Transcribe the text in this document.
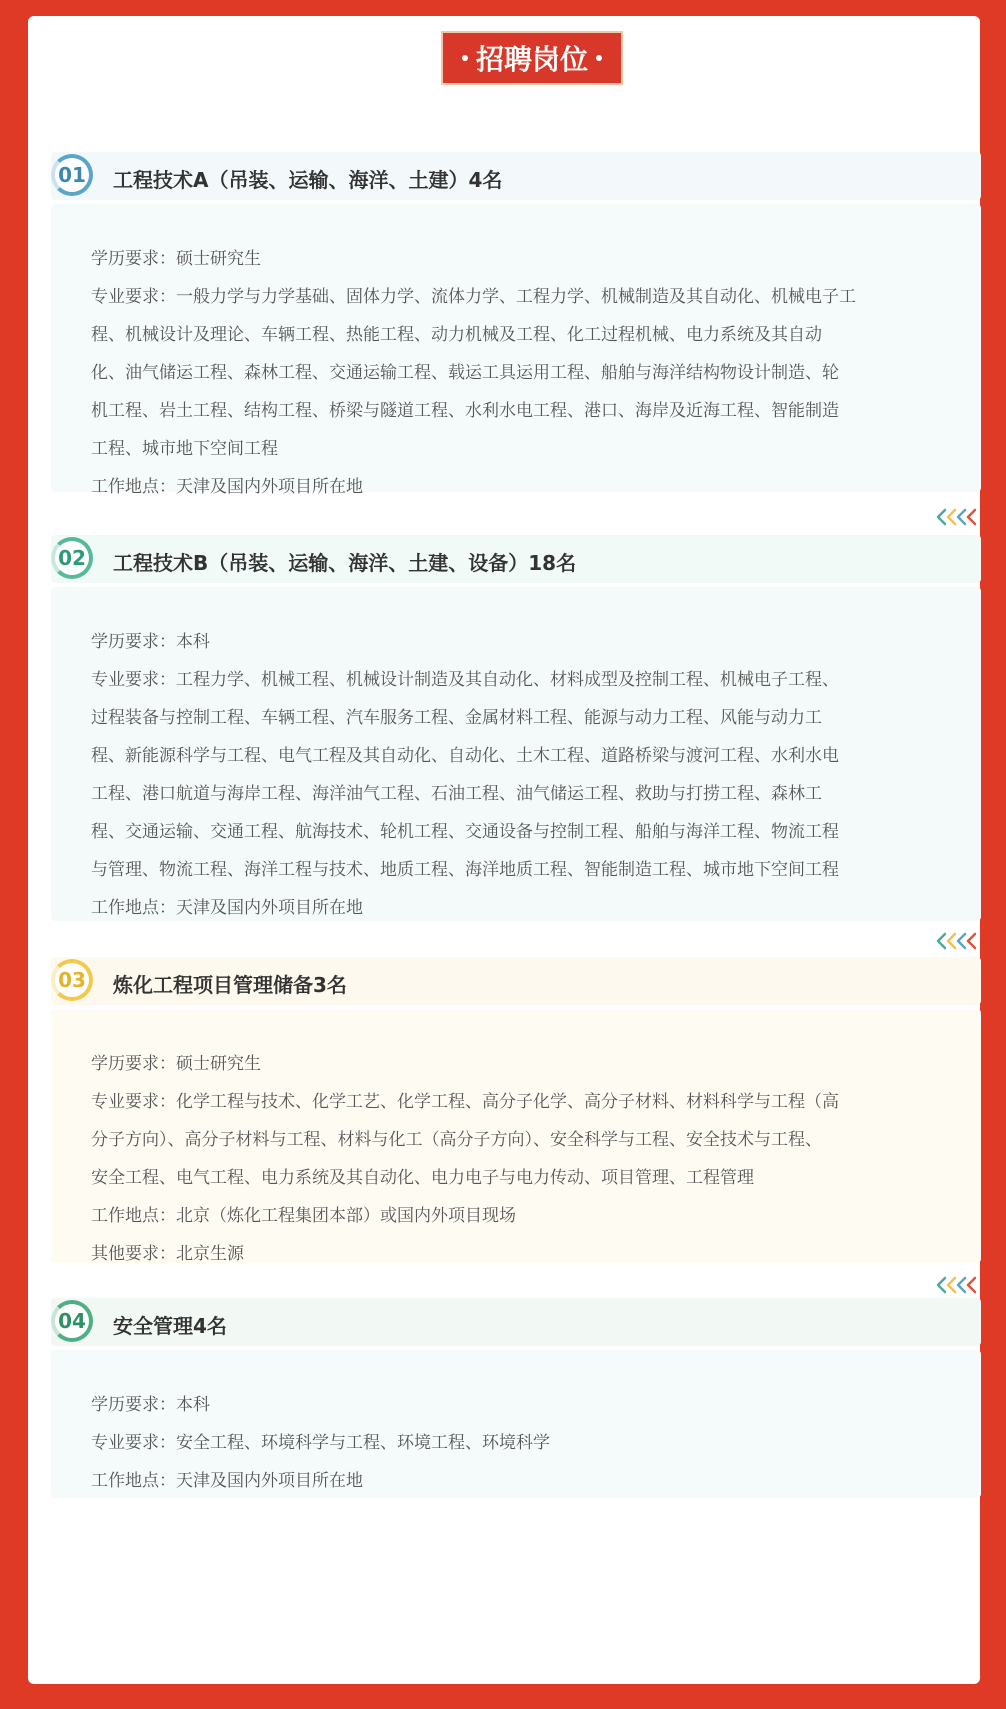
招聘岗位
01	工程技术A（吊装、运输、海洋、土建）4名
学历要求：硕士研究生
专业要求：一般力学与力学基础、固体力学、流体力学、工程力学、机械制造及其自动化、机械电子工
程、机械设计及理论、车辆工程、热能工程、动力机械及工程、化工过程机械、电力系统及其自动
化、油气储运工程、森林工程、交通运输工程、载运工具运用工程、船舶与海洋结构物设计制造、轮
机工程、岩土工程、结构工程、桥梁与隧道工程、水利水电工程、港口、海岸及近海工程、智能制造
工程、城市地下空间工程
工作地点：天津及国内外项目所在地
02	工程技术B（吊装、运输、海洋、土建、设备）18名
学历要求：本科
专业要求：工程力学、机械工程、机械设计制造及其自动化、材料成型及控制工程、机械电子工程、
过程装备与控制工程、车辆工程、汽车服务工程、金属材料工程、能源与动力工程、风能与动力工
程、新能源科学与工程、电气工程及其自动化、自动化、土木工程、道路桥梁与渡河工程、水利水电
工程、港口航道与海岸工程、海洋油气工程、石油工程、油气储运工程、救助与打捞工程、森林工
程、交通运输、交通工程、航海技术、轮机工程、交通设备与控制工程、船舶与海洋工程、物流工程
与管理、物流工程、海洋工程与技术、地质工程、海洋地质工程、智能制造工程、城市地下空间工程
工作地点：天津及国内外项目所在地
03	炼化工程项目管理储备3名
学历要求：硕士研究生
专业要求：化学工程与技术、化学工艺、化学工程、高分子化学、高分子材料、材料科学与工程（高
分子方向）、高分子材料与工程、材料与化工（高分子方向）、安全科学与工程、安全技术与工程、
安全工程、电气工程、电力系统及其自动化、电力电子与电力传动、项目管理、工程管理
工作地点：北京（炼化工程集团本部）或国内外项目现场
其他要求：北京生源
04	安全管理4名
学历要求：本科
专业要求：安全工程、环境科学与工程、环境工程、环境科学
工作地点：天津及国内外项目所在地
